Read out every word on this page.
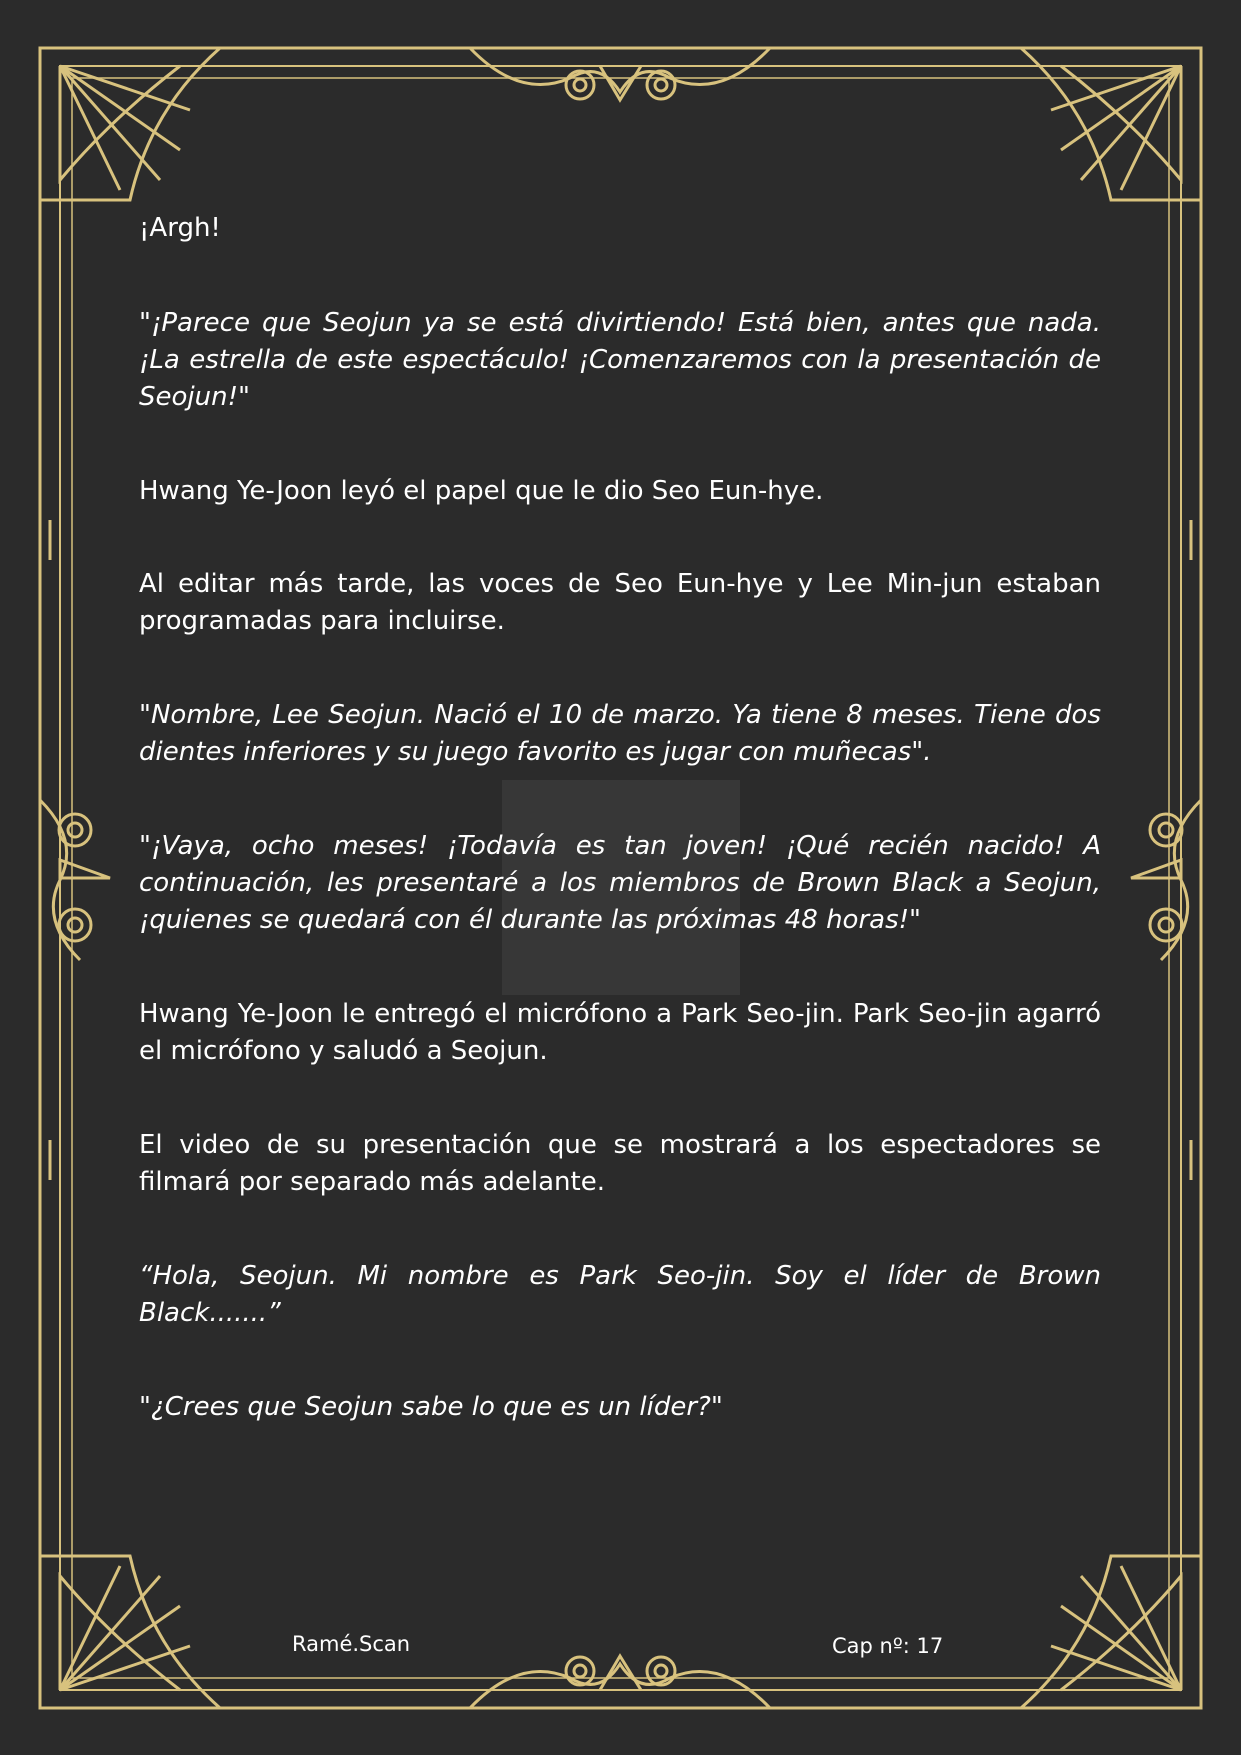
¡Argh!

"¡Parece que Seojun ya se está divirtiendo! Está bien, antes que nada. ¡La estrella de este espectáculo! ¡Comenzaremos con la presentación de Seojun!"

Hwang Ye-Joon leyó el papel que le dio Seo Eun-hye.

Al editar más tarde, las voces de Seo Eun-hye y Lee Min-jun estaban programadas para incluirse.

"Nombre, Lee Seojun. Nació el 10 de marzo. Ya tiene 8 meses. Tiene dos dientes inferiores y su juego favorito es jugar con muñecas".

"¡Vaya, ocho meses! ¡Todavía es tan joven! ¡Qué recién nacido! A continuación, les presentaré a los miembros de Brown Black a Seojun, ¡quienes se quedará con él durante las próximas 48 horas!"

Hwang Ye-Joon le entregó el micrófono a Park Seo-jin. Park Seo-jin agarró el micrófono y saludó a Seojun.

El video de su presentación que se mostrará a los espectadores se filmará por separado más adelante.

“Hola, Seojun. Mi nombre es Park Seo-jin. Soy el líder de Brown Black.......”

"¿Crees que Seojun sabe lo que es un líder?"

Ramé.Scan	Cap nº: 17
